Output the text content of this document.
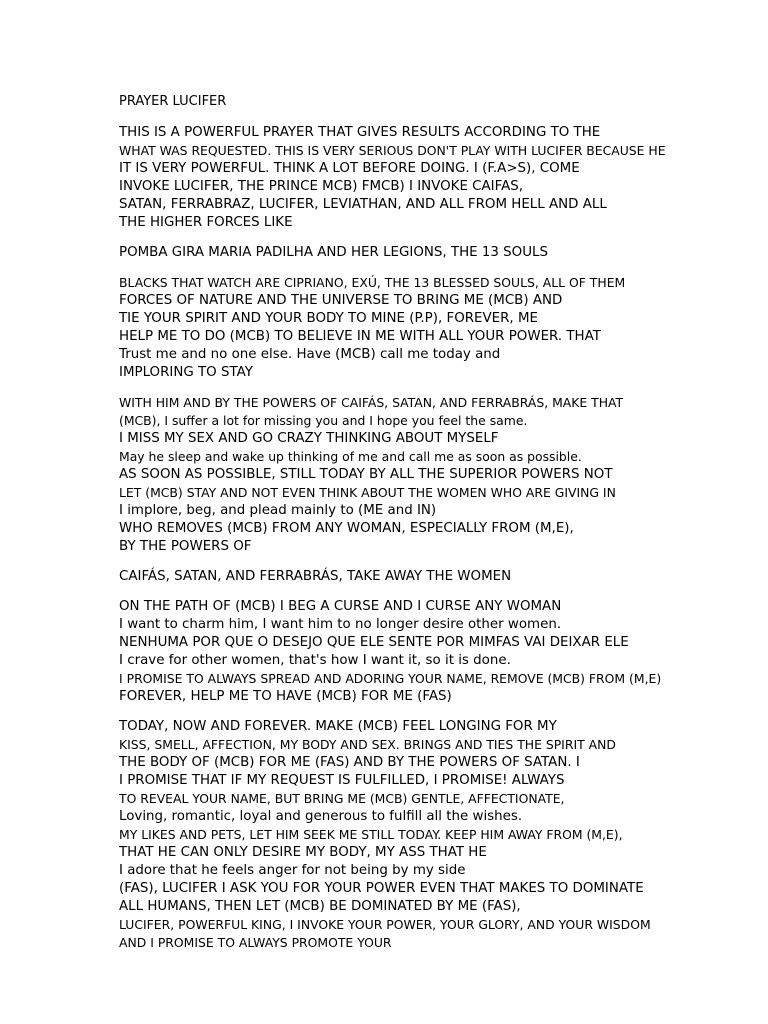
PRAYER LUCIFER
THIS IS A POWERFUL PRAYER THAT GIVES RESULTS ACCORDING TO THE
WHAT WAS REQUESTED. THIS IS VERY SERIOUS DON'T PLAY WITH LUCIFER BECAUSE HE
IT IS VERY POWERFUL. THINK A LOT BEFORE DOING. I (F.A>S), COME
INVOKE LUCIFER, THE PRINCE MCB) FMCB) I INVOKE CAIFAS,
SATAN, FERRABRAZ, LUCIFER, LEVIATHAN, AND ALL FROM HELL AND ALL
THE HIGHER FORCES LIKE
POMBA GIRA MARIA PADILHA AND HER LEGIONS, THE 13 SOULS
BLACKS THAT WATCH ARE CIPRIANO, EXÚ, THE 13 BLESSED SOULS, ALL OF THEM
FORCES OF NATURE AND THE UNIVERSE TO BRING ME (MCB) AND
TIE YOUR SPIRIT AND YOUR BODY TO MINE (P.P), FOREVER, ME
HELP ME TO DO (MCB) TO BELIEVE IN ME WITH ALL YOUR POWER. THAT
Trust me and no one else. Have (MCB) call me today and
IMPLORING TO STAY
WITH HIM AND BY THE POWERS OF CAIFÁS, SATAN, AND FERRABRÁS, MAKE THAT
(MCB), I suffer a lot for missing you and I hope you feel the same.
I MISS MY SEX AND GO CRAZY THINKING ABOUT MYSELF
May he sleep and wake up thinking of me and call me as soon as possible.
AS SOON AS POSSIBLE, STILL TODAY BY ALL THE SUPERIOR POWERS NOT
LET (MCB) STAY AND NOT EVEN THINK ABOUT THE WOMEN WHO ARE GIVING IN
I implore, beg, and plead mainly to (ME and IN)
WHO REMOVES (MCB) FROM ANY WOMAN, ESPECIALLY FROM (M,E),
BY THE POWERS OF
CAIFÁS, SATAN, AND FERRABRÁS, TAKE AWAY THE WOMEN
ON THE PATH OF (MCB) I BEG A CURSE AND I CURSE ANY WOMAN
I want to charm him, I want him to no longer desire other women.
NENHUMA POR QUE O DESEJO QUE ELE SENTE POR MIMFAS VAI DEIXAR ELE
I crave for other women, that's how I want it, so it is done.
I PROMISE TO ALWAYS SPREAD AND ADORING YOUR NAME, REMOVE (MCB) FROM (M,E)
FOREVER, HELP ME TO HAVE (MCB) FOR ME (FAS)
TODAY, NOW AND FOREVER. MAKE (MCB) FEEL LONGING FOR MY
KISS, SMELL, AFFECTION, MY BODY AND SEX. BRINGS AND TIES THE SPIRIT AND
THE BODY OF (MCB) FOR ME (FAS) AND BY THE POWERS OF SATAN. I
I PROMISE THAT IF MY REQUEST IS FULFILLED, I PROMISE! ALWAYS
TO REVEAL YOUR NAME, BUT BRING ME (MCB) GENTLE, AFFECTIONATE,
Loving, romantic, loyal and generous to fulfill all the wishes.
MY LIKES AND PETS, LET HIM SEEK ME STILL TODAY. KEEP HIM AWAY FROM (M,E),
THAT HE CAN ONLY DESIRE MY BODY, MY ASS THAT HE
I adore that he feels anger for not being by my side
(FAS), LUCIFER I ASK YOU FOR YOUR POWER EVEN THAT MAKES TO DOMINATE
ALL HUMANS, THEN LET (MCB) BE DOMINATED BY ME (FAS),
LUCIFER, POWERFUL KING, I INVOKE YOUR POWER, YOUR GLORY, AND YOUR WISDOM
AND I PROMISE TO ALWAYS PROMOTE YOUR
